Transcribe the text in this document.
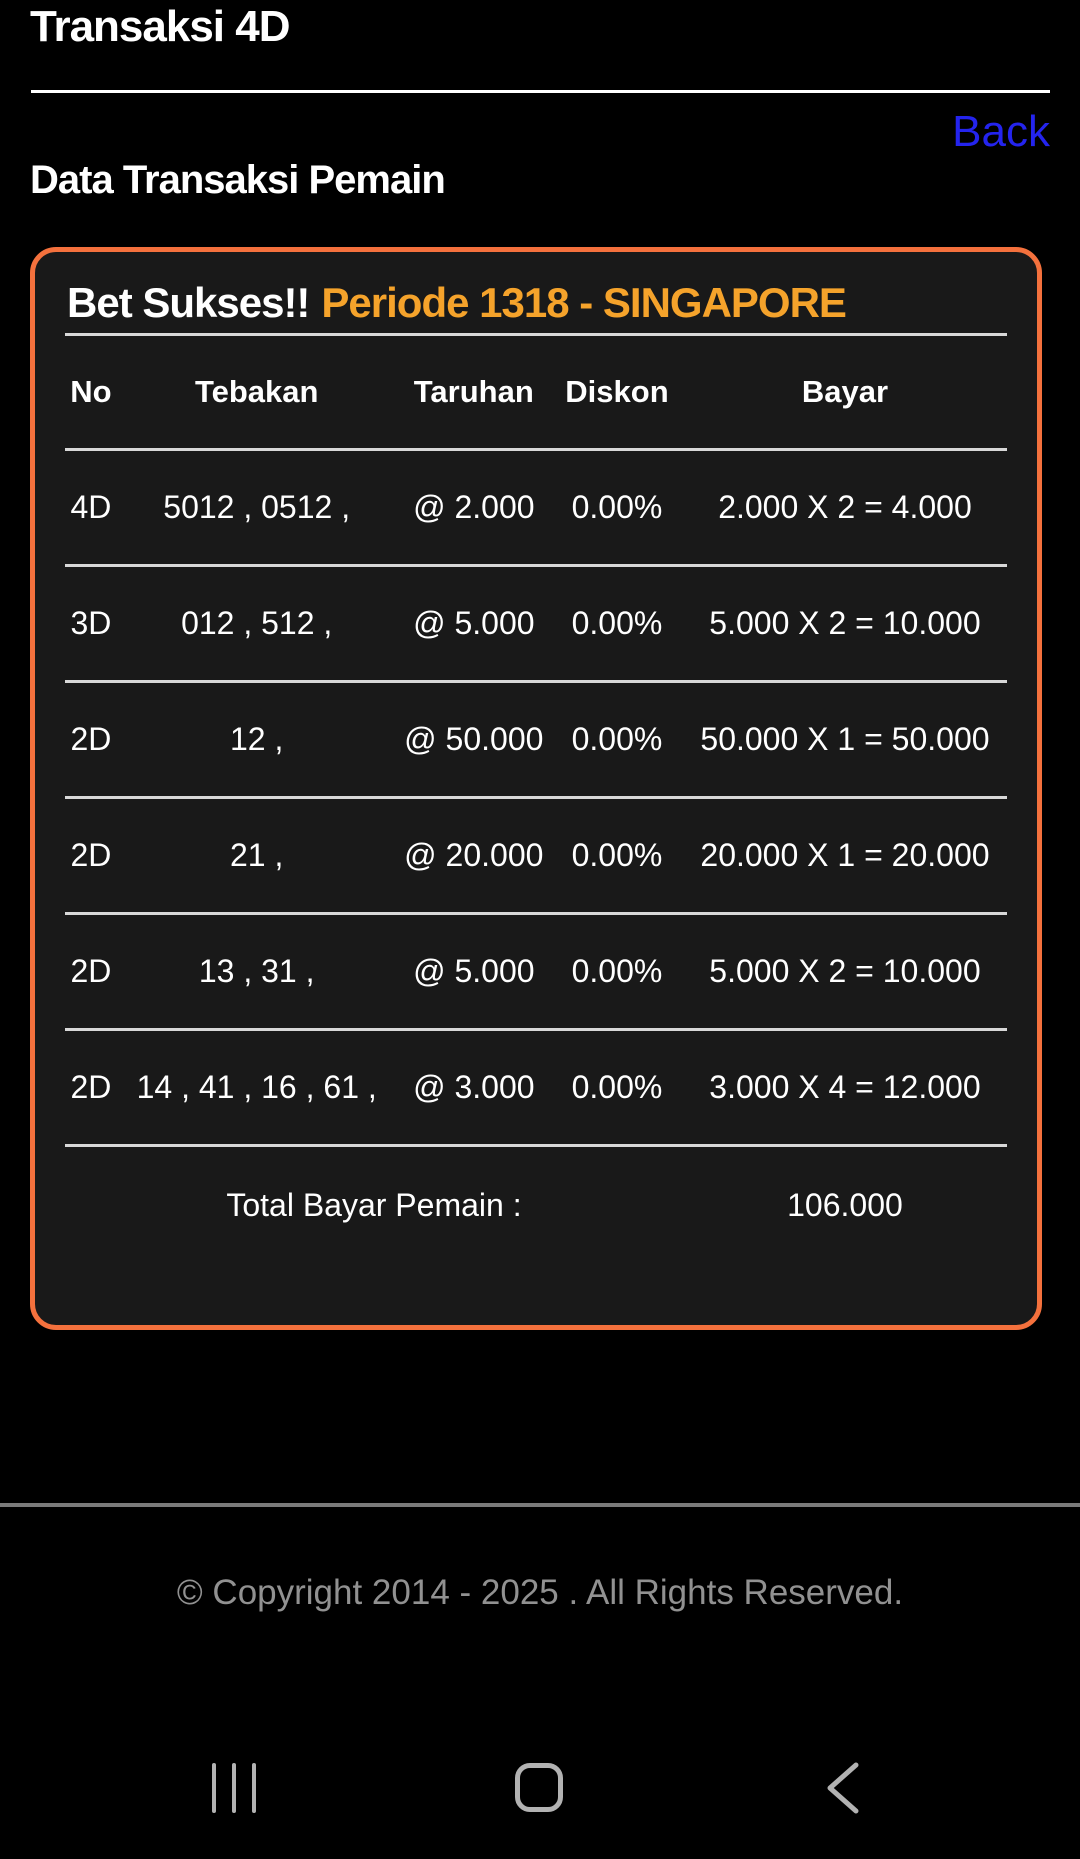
Transaksi 4D
Back
Data Transaksi Pemain
Bet Sukses!! Periode 1318 - SINGAPORE
No	Tebakan	Taruhan	Diskon	Bayar
4D	5012 , 0512 ,	@ 2.000	0.00%	2.000 X 2 = 4.000
3D	012 , 512 ,	@ 5.000	0.00%	5.000 X 2 = 10.000
2D	12 ,	@ 50.000	0.00%	50.000 X 1 = 50.000
2D	21 ,	@ 20.000	0.00%	20.000 X 1 = 20.000
2D	13 , 31 ,	@ 5.000	0.00%	5.000 X 2 = 10.000
2D	14 , 41 , 16 , 61 ,	@ 3.000	0.00%	3.000 X 4 = 12.000
Total Bayar Pemain :				106.000
© Copyright 2014 - 2025 . All Rights Reserved.
